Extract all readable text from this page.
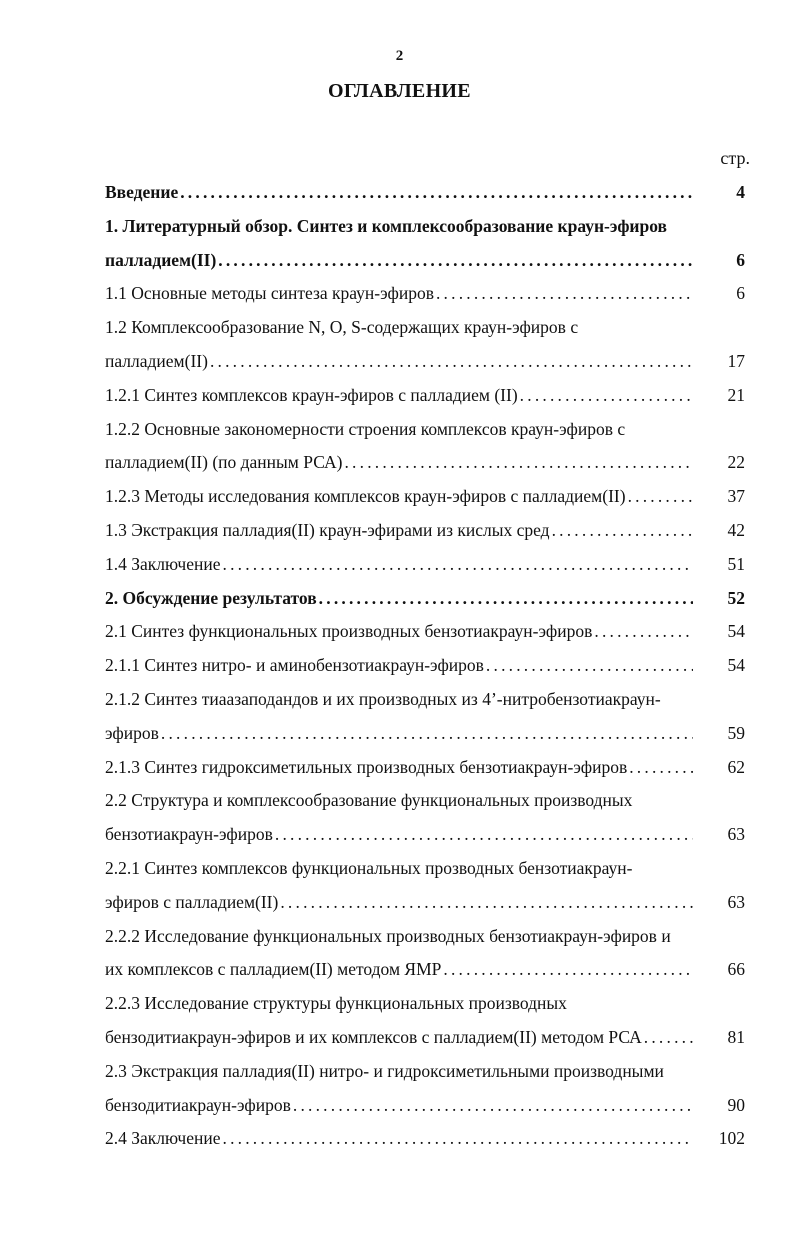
2
ОГЛАВЛЕНИЕ
стр.
Введение .....	4
1. Литературный обзор. Синтез и комплексообразование краун-эфиров
палладием(II) .....	6
1.1 Основные методы синтеза краун-эфиров .....	6
1.2 Комплексообразование N, O, S-содержащих краун-эфиров с
палладием(II) .....	17
1.2.1 Синтез комплексов краун-эфиров с палладием (II) .....	21
1.2.2 Основные закономерности строения комплексов краун-эфиров с
палладием(II) (по данным РСА) .....	22
1.2.3 Методы исследования комплексов краун-эфиров с палладием(II) .....	37
1.3 Экстракция палладия(II) краун-эфирами из кислых сред .....	42
1.4 Заключение .....	51
2. Обсуждение результатов .....	52
2.1 Синтез функциональных производных бензотиакраун-эфиров .....	54
2.1.1 Синтез нитро- и аминобензотиакраун-эфиров .....	54
2.1.2 Синтез тиаазаподандов и их производных из 4’-нитробензотиакраун-
эфиров .....	59
2.1.3 Синтез гидроксиметильных производных бензотиакраун-эфиров .....	62
2.2 Структура и комплексообразование функциональных производных
бензотиакраун-эфиров .....	63
2.2.1 Синтез комплексов функциональных прозводных бензотиакраун-
эфиров с палладием(II) .....	63
2.2.2 Исследование функциональных производных бензотиакраун-эфиров и
их комплексов с палладием(II) методом ЯМР .....	66
2.2.3 Исследование структуры функциональных производных
бензодитиакраун-эфиров и их комплексов с палладием(II) методом РСА .....	81
2.3 Экстракция палладия(II) нитро- и гидроксиметильными производными
бензодитиакраун-эфиров .....	90
2.4 Заключение .....	102
